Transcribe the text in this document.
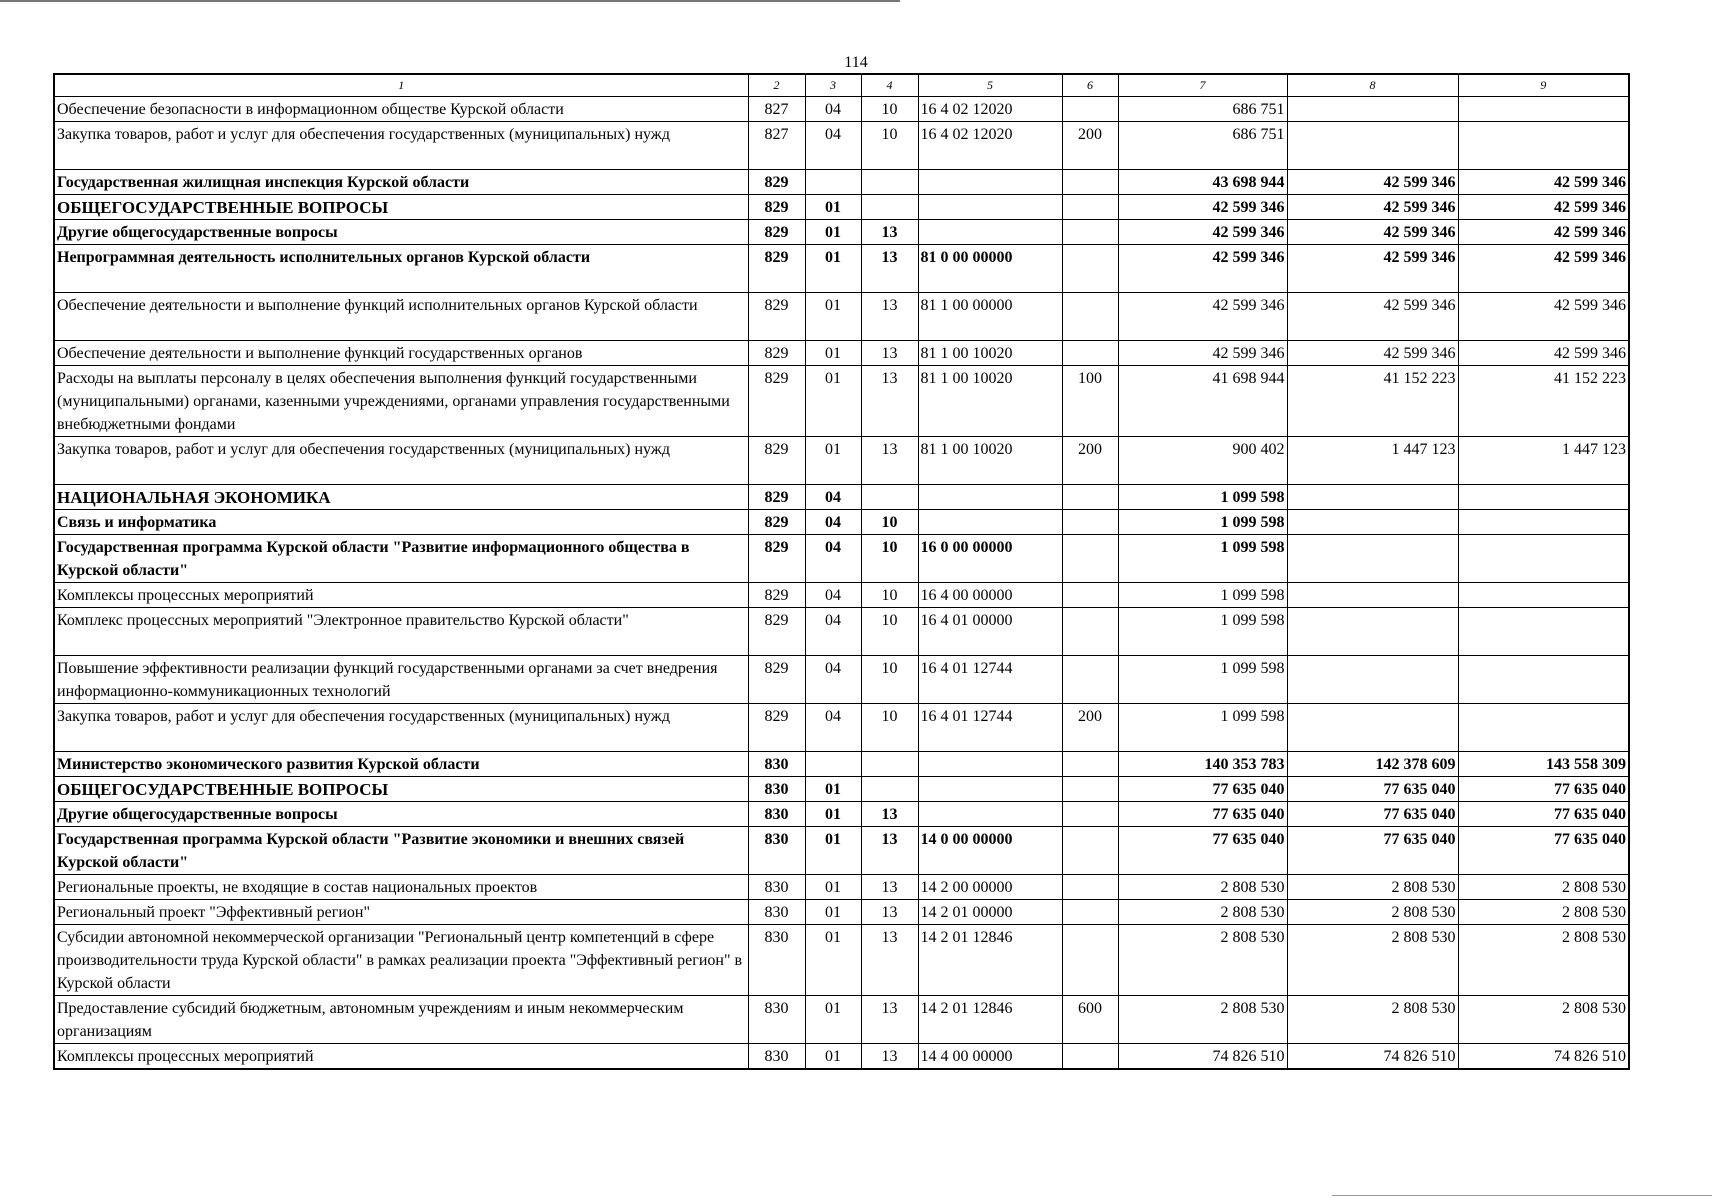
114
1	2	3	4	5	6	7	8	9
Обеспечение безопасности в информационном обществе Курской области	827	04	10	16 4 02 12020		686 751		
Закупка товаров, работ и услуг для обеспечения государственных (муниципальных) нужд	827	04	10	16 4 02 12020	200	686 751		
Государственная жилищная инспекция Курской области	829					43 698 944	42 599 346	42 599 346
ОБЩЕГОСУДАРСТВЕННЫЕ ВОПРОСЫ	829	01				42 599 346	42 599 346	42 599 346
Другие общегосударственные вопросы	829	01	13			42 599 346	42 599 346	42 599 346
Непрограммная деятельность исполнительных органов Курской области	829	01	13	81 0 00 00000		42 599 346	42 599 346	42 599 346
Обеспечение деятельности и выполнение функций исполнительных органов Курской области	829	01	13	81 1 00 00000		42 599 346	42 599 346	42 599 346
Обеспечение деятельности и выполнение функций государственных органов	829	01	13	81 1 00 10020		42 599 346	42 599 346	42 599 346
Расходы на выплаты персоналу в целях обеспечения выполнения функций государственными (муниципальными) органами, казенными учреждениями, органами управления государственными внебюджетными фондами	829	01	13	81 1 00 10020	100	41 698 944	41 152 223	41 152 223
Закупка товаров, работ и услуг для обеспечения государственных (муниципальных) нужд	829	01	13	81 1 00 10020	200	900 402	1 447 123	1 447 123
НАЦИОНАЛЬНАЯ ЭКОНОМИКА	829	04				1 099 598		
Связь и информатика	829	04	10			1 099 598		
Государственная программа Курской области "Развитие информационного общества в Курской области"	829	04	10	16 0 00 00000		1 099 598		
Комплексы процессных мероприятий	829	04	10	16 4 00 00000		1 099 598		
Комплекс процессных мероприятий "Электронное правительство Курской области"	829	04	10	16 4 01 00000		1 099 598		
Повышение эффективности реализации функций государственными органами за счет внедрения информационно-коммуникационных технологий	829	04	10	16 4 01 12744		1 099 598		
Закупка товаров, работ и услуг для обеспечения государственных (муниципальных) нужд	829	04	10	16 4 01 12744	200	1 099 598		
Министерство экономического развития Курской области	830					140 353 783	142 378 609	143 558 309
ОБЩЕГОСУДАРСТВЕННЫЕ ВОПРОСЫ	830	01				77 635 040	77 635 040	77 635 040
Другие общегосударственные вопросы	830	01	13			77 635 040	77 635 040	77 635 040
Государственная программа Курской области "Развитие экономики и внешних связей Курской области"	830	01	13	14 0 00 00000		77 635 040	77 635 040	77 635 040
Региональные проекты, не входящие в состав национальных проектов	830	01	13	14 2 00 00000		2 808 530	2 808 530	2 808 530
Региональный проект "Эффективный регион"	830	01	13	14 2 01 00000		2 808 530	2 808 530	2 808 530
Субсидии автономной некоммерческой организации "Региональный центр компетенций в сфере производительности труда Курской области" в рамках реализации проекта "Эффективный регион" в Курской области	830	01	13	14 2 01 12846		2 808 530	2 808 530	2 808 530
Предоставление субсидий бюджетным, автономным учреждениям и иным некоммерческим организациям	830	01	13	14 2 01 12846	600	2 808 530	2 808 530	2 808 530
Комплексы процессных мероприятий	830	01	13	14 4 00 00000		74 826 510	74 826 510	74 826 510
